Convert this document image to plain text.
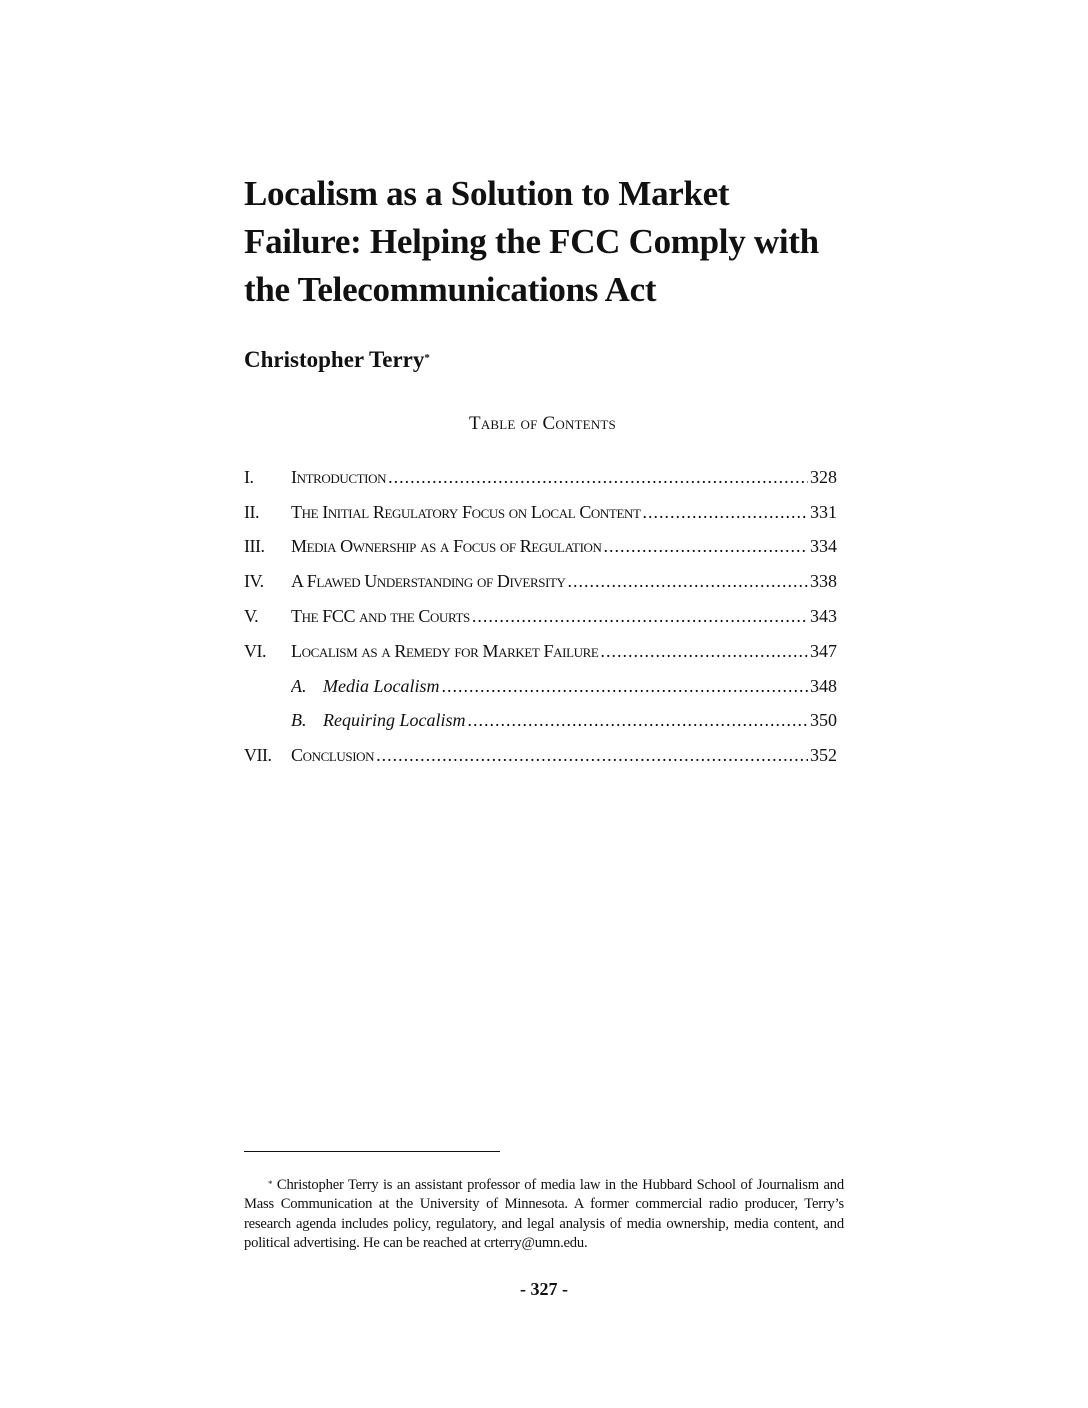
Localism as a Solution to Market
Failure: Helping the FCC Comply with
the Telecommunications Act
Christopher Terry*
Table of Contents
I.	Introduction .....	328
II.	The Initial Regulatory Focus on Local Content .....	331
III.	Media Ownership as a Focus of Regulation .....	334
IV.	A Flawed Understanding of Diversity .....	338
V.	The FCC and the Courts .....	343
VI.	Localism as a Remedy for Market Failure .....	347
A. Media Localism .....	348
B. Requiring Localism .....	350
VII.	Conclusion .....	352

* Christopher Terry is an assistant professor of media law in the Hubbard School of Journalism and Mass Communication at the University of Minnesota. A former commercial radio producer, Terry’s research agenda includes policy, regulatory, and legal analysis of media ownership, media content, and political advertising. He can be reached at crterry@umn.edu.

- 327 -
